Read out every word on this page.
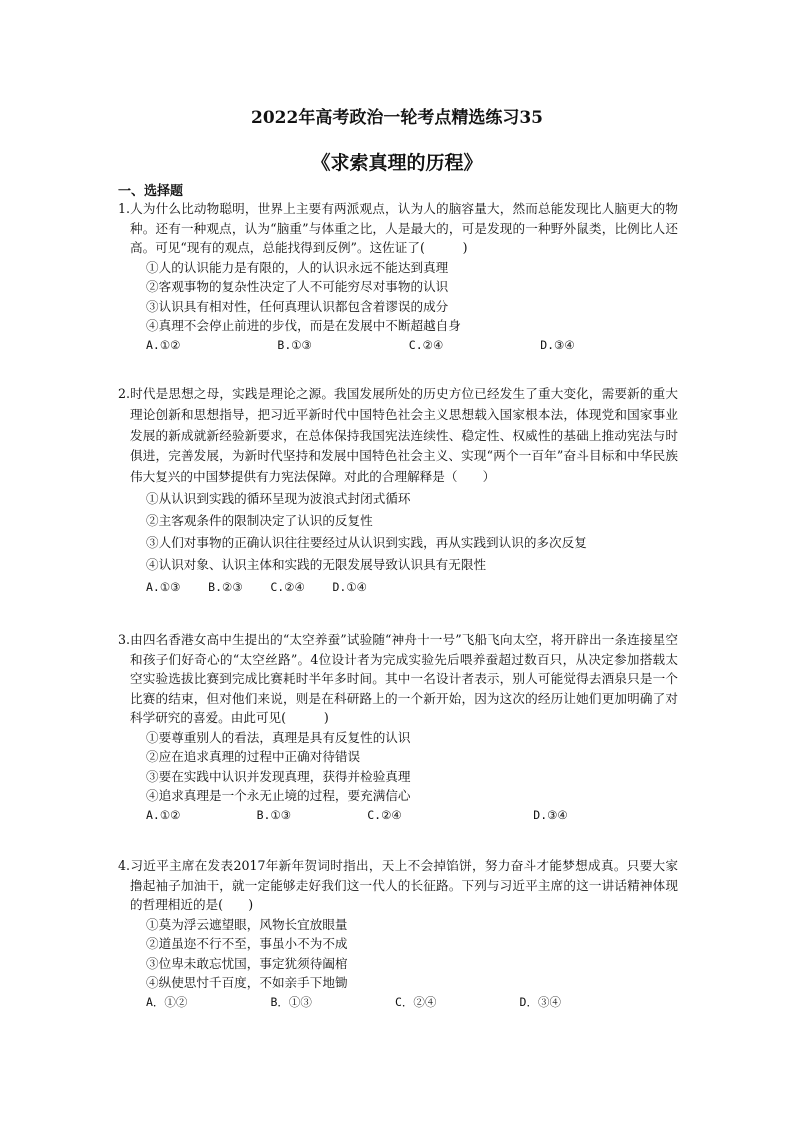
2022年高考政治一轮考点精选练习35
《求索真理的历程》
一、选择题

1.人为什么比动物聪明，世界上主要有两派观点，认为人的脑容量大，然而总能发现比人脑更大的物种。还有一种观点，认为“脑重”与体重之比，人是最大的，可是发现的一种野外鼠类，比例比人还高。可见“现有的观点，总能找得到反例”。这佐证了(　　　)

①人的认识能力是有限的，人的认识永远不能达到真理

②客观事物的复杂性决定了人不可能穷尽对事物的认识

③认识具有相对性，任何真理认识都包含着谬误的成分

④真理不会停止前进的步伐，而是在发展中不断超越自身

A.①②              B.①③              C.②④              D.③④

2.时代是思想之母，实践是理论之源。我国发展所处的历史方位已经发生了重大变化，需要新的重大理论创新和思想指导，把习近平新时代中国特色社会主义思想载入国家根本法，体现党和国家事业发展的新成就新经验新要求，在总体保持我国宪法连续性、稳定性、权威性的基础上推动宪法与时俱进，完善发展，为新时代坚持和发展中国特色社会主义、实现“两个一百年”奋斗目标和中华民族伟大复兴的中国梦提供有力宪法保障。对此的合理解释是（　　）

①从认识到实践的循环呈现为波浪式封闭式循环

②主客观条件的限制决定了认识的反复性

③人们对事物的正确认识往往要经过从认识到实践，再从实践到认识的多次反复

④认识对象、认识主体和实践的无限发展导致认识具有无限性

A.①③    B.②③    C.②④    D.①④

3.由四名香港女高中生提出的“太空养蚕”试验随“神舟十一号”飞船飞向太空，将开辟出一条连接星空和孩子们好奇心的“太空丝路”。4位设计者为完成实验先后喂养蚕超过数百只，从决定参加搭载太空实验选拔比赛到完成比赛耗时半年多时间。其中一名设计者表示，别人可能觉得去酒泉只是一个比赛的结束，但对他们来说，则是在科研路上的一个新开始，因为这次的经历让她们更加明确了对科学研究的喜爱。由此可见(　　　)

①要尊重别人的看法，真理是具有反复性的认识

②应在追求真理的过程中正确对待错误

③要在实践中认识并发现真理，获得并检验真理

④追求真理是一个永无止境的过程，要充满信心

A.①②           B.①③           C.②④                   D.③④

4.习近平主席在发表2017年新年贺词时指出，天上不会掉馅饼，努力奋斗才能梦想成真。只要大家撸起袖子加油干，就一定能够走好我们这一代人的长征路。下列与习近平主席的这一讲话精神体现的哲理相近的是(　　)

①莫为浮云遮望眼，风物长宜放眼量

②道虽迩不行不至，事虽小不为不成

③位卑未敢忘忧国，事定犹须待阖棺

④纵使思忖千百度，不如亲手下地锄

A．①②            B．①③            C．②④            D．③④
